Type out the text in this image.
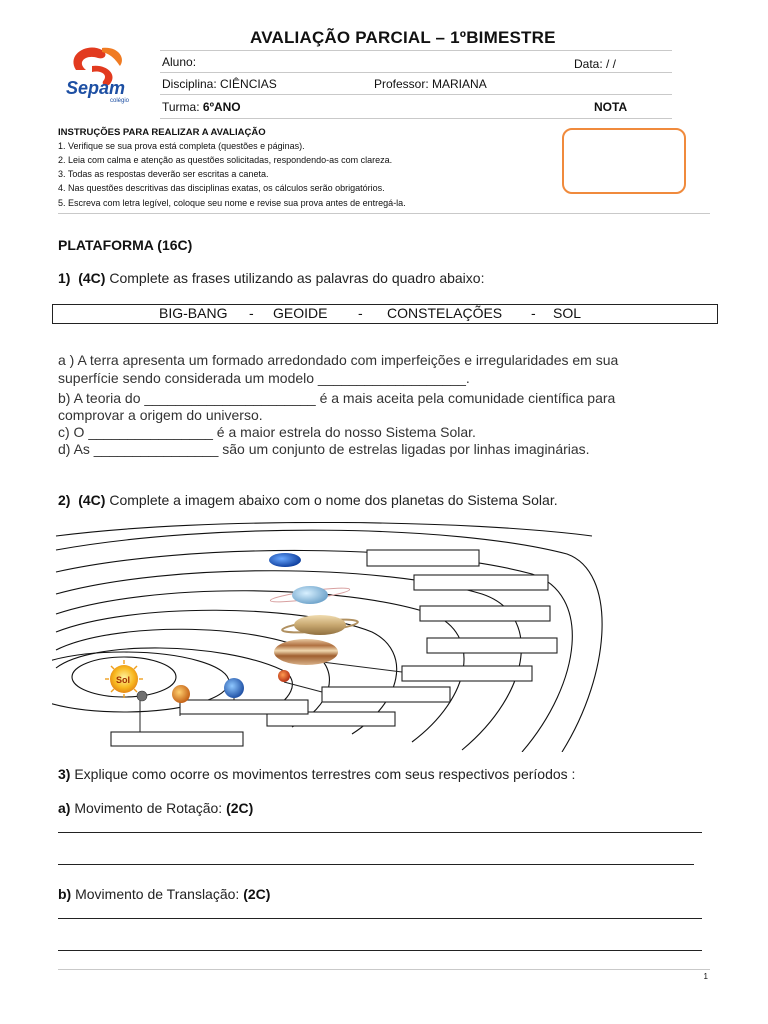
Sepam
colégio
AVALIAÇÃO PARCIAL – 1ºBIMESTRE
Aluno:	Data: / /
Disciplina: CIÊNCIAS	Professor: MARIANA
Turma: 6ºANO	NOTA
INSTRUÇÕES PARA REALIZAR A AVALIAÇÃO
1. Verifique se sua prova está completa (questões e páginas).
2. Leia com calma e atenção as questões solicitadas, respondendo-as com clareza.
3. Todas as respostas deverão ser escritas a caneta.
4. Nas questões descritivas das disciplinas exatas, os cálculos serão obrigatórios.
5. Escreva com letra legível, coloque seu nome e revise sua prova antes de entregá-la.
PLATAFORMA (16C)
1) (4C) Complete as frases utilizando as palavras do quadro abaixo:
BIG-BANG - GEOIDE - CONSTELAÇÕES - SOL
a ) A terra apresenta um formado arredondado com imperfeições e irregularidades em sua
superfície sendo considerada um modelo ___________________.
b) A teoria do ______________________ é a mais aceita pela comunidade científica para
comprovar a origem do universo.
c) O ________________ é a maior estrela do nosso Sistema Solar.
d) As ________________ são um conjunto de estrelas ligadas por linhas imaginárias.
2) (4C) Complete a imagem abaixo com o nome dos planetas do Sistema Solar.
Sol
3) Explique como ocorre os movimentos terrestres com seus respectivos períodos :
a) Movimento de Rotação: (2C)
b) Movimento de Translação: (2C)
1
